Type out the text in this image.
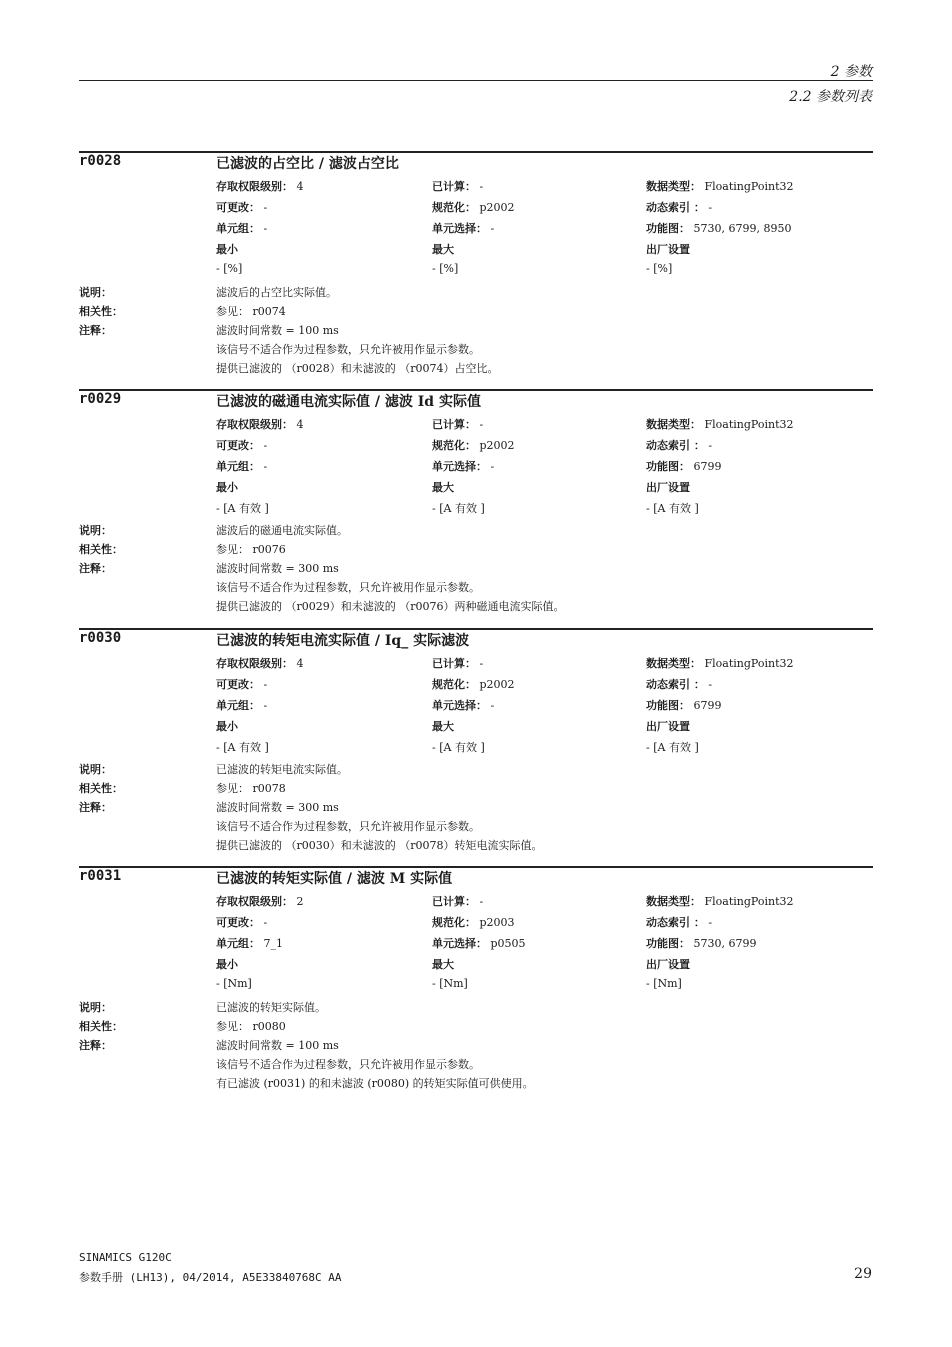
2 参数
2.2 参数列表
r0028	已滤波的占空比 / 滤波占空比
存取权限级别： 4	已计算： -	数据类型： FloatingPoint32
可更改： -	规范化： p2002	动态索引 ： -
单元组： -	单元选择： -	功能图： 5730, 6799, 8950
最小	最大	出厂设置
- [%]	- [%]	- [%]
说明：	滤波后的占空比实际值。
相关性：	参见： r0074
注释：	滤波时间常数 = 100 ms
该信号不适合作为过程参数，只允许被用作显示参数。
提供已滤波的 （r0028）和未滤波的 （r0074）占空比。
r0029	已滤波的磁通电流实际值 / 滤波 Id 实际值
存取权限级别： 4	已计算： -	数据类型： FloatingPoint32
可更改： -	规范化： p2002	动态索引 ： -
单元组： -	单元选择： -	功能图： 6799
最小	最大	出厂设置
- [A 有效 ]	- [A 有效 ]	- [A 有效 ]
说明：	滤波后的磁通电流实际值。
相关性：	参见： r0076
注释：	滤波时间常数 = 300 ms
该信号不适合作为过程参数，只允许被用作显示参数。
提供已滤波的 （r0029）和未滤波的 （r0076）两种磁通电流实际值。
r0030	已滤波的转矩电流实际值 / Iq_ 实际滤波
存取权限级别： 4	已计算： -	数据类型： FloatingPoint32
可更改： -	规范化： p2002	动态索引 ： -
单元组： -	单元选择： -	功能图： 6799
最小	最大	出厂设置
- [A 有效 ]	- [A 有效 ]	- [A 有效 ]
说明：	已滤波的转矩电流实际值。
相关性：	参见： r0078
注释：	滤波时间常数 = 300 ms
该信号不适合作为过程参数，只允许被用作显示参数。
提供已滤波的 （r0030）和未滤波的 （r0078）转矩电流实际值。
r0031	已滤波的转矩实际值 / 滤波 M 实际值
存取权限级别： 2	已计算： -	数据类型： FloatingPoint32
可更改： -	规范化： p2003	动态索引 ： -
单元组： 7_1	单元选择： p0505	功能图： 5730, 6799
最小	最大	出厂设置
- [Nm]	- [Nm]	- [Nm]
说明：	已滤波的转矩实际值。
相关性：	参见： r0080
注释：	滤波时间常数 = 100 ms
该信号不适合作为过程参数，只允许被用作显示参数。
有已滤波 (r0031) 的和未滤波 (r0080) 的转矩实际值可供使用。
SINAMICS G120C
参数手册 (LH13), 04/2014, A5E33840768C AA	29
